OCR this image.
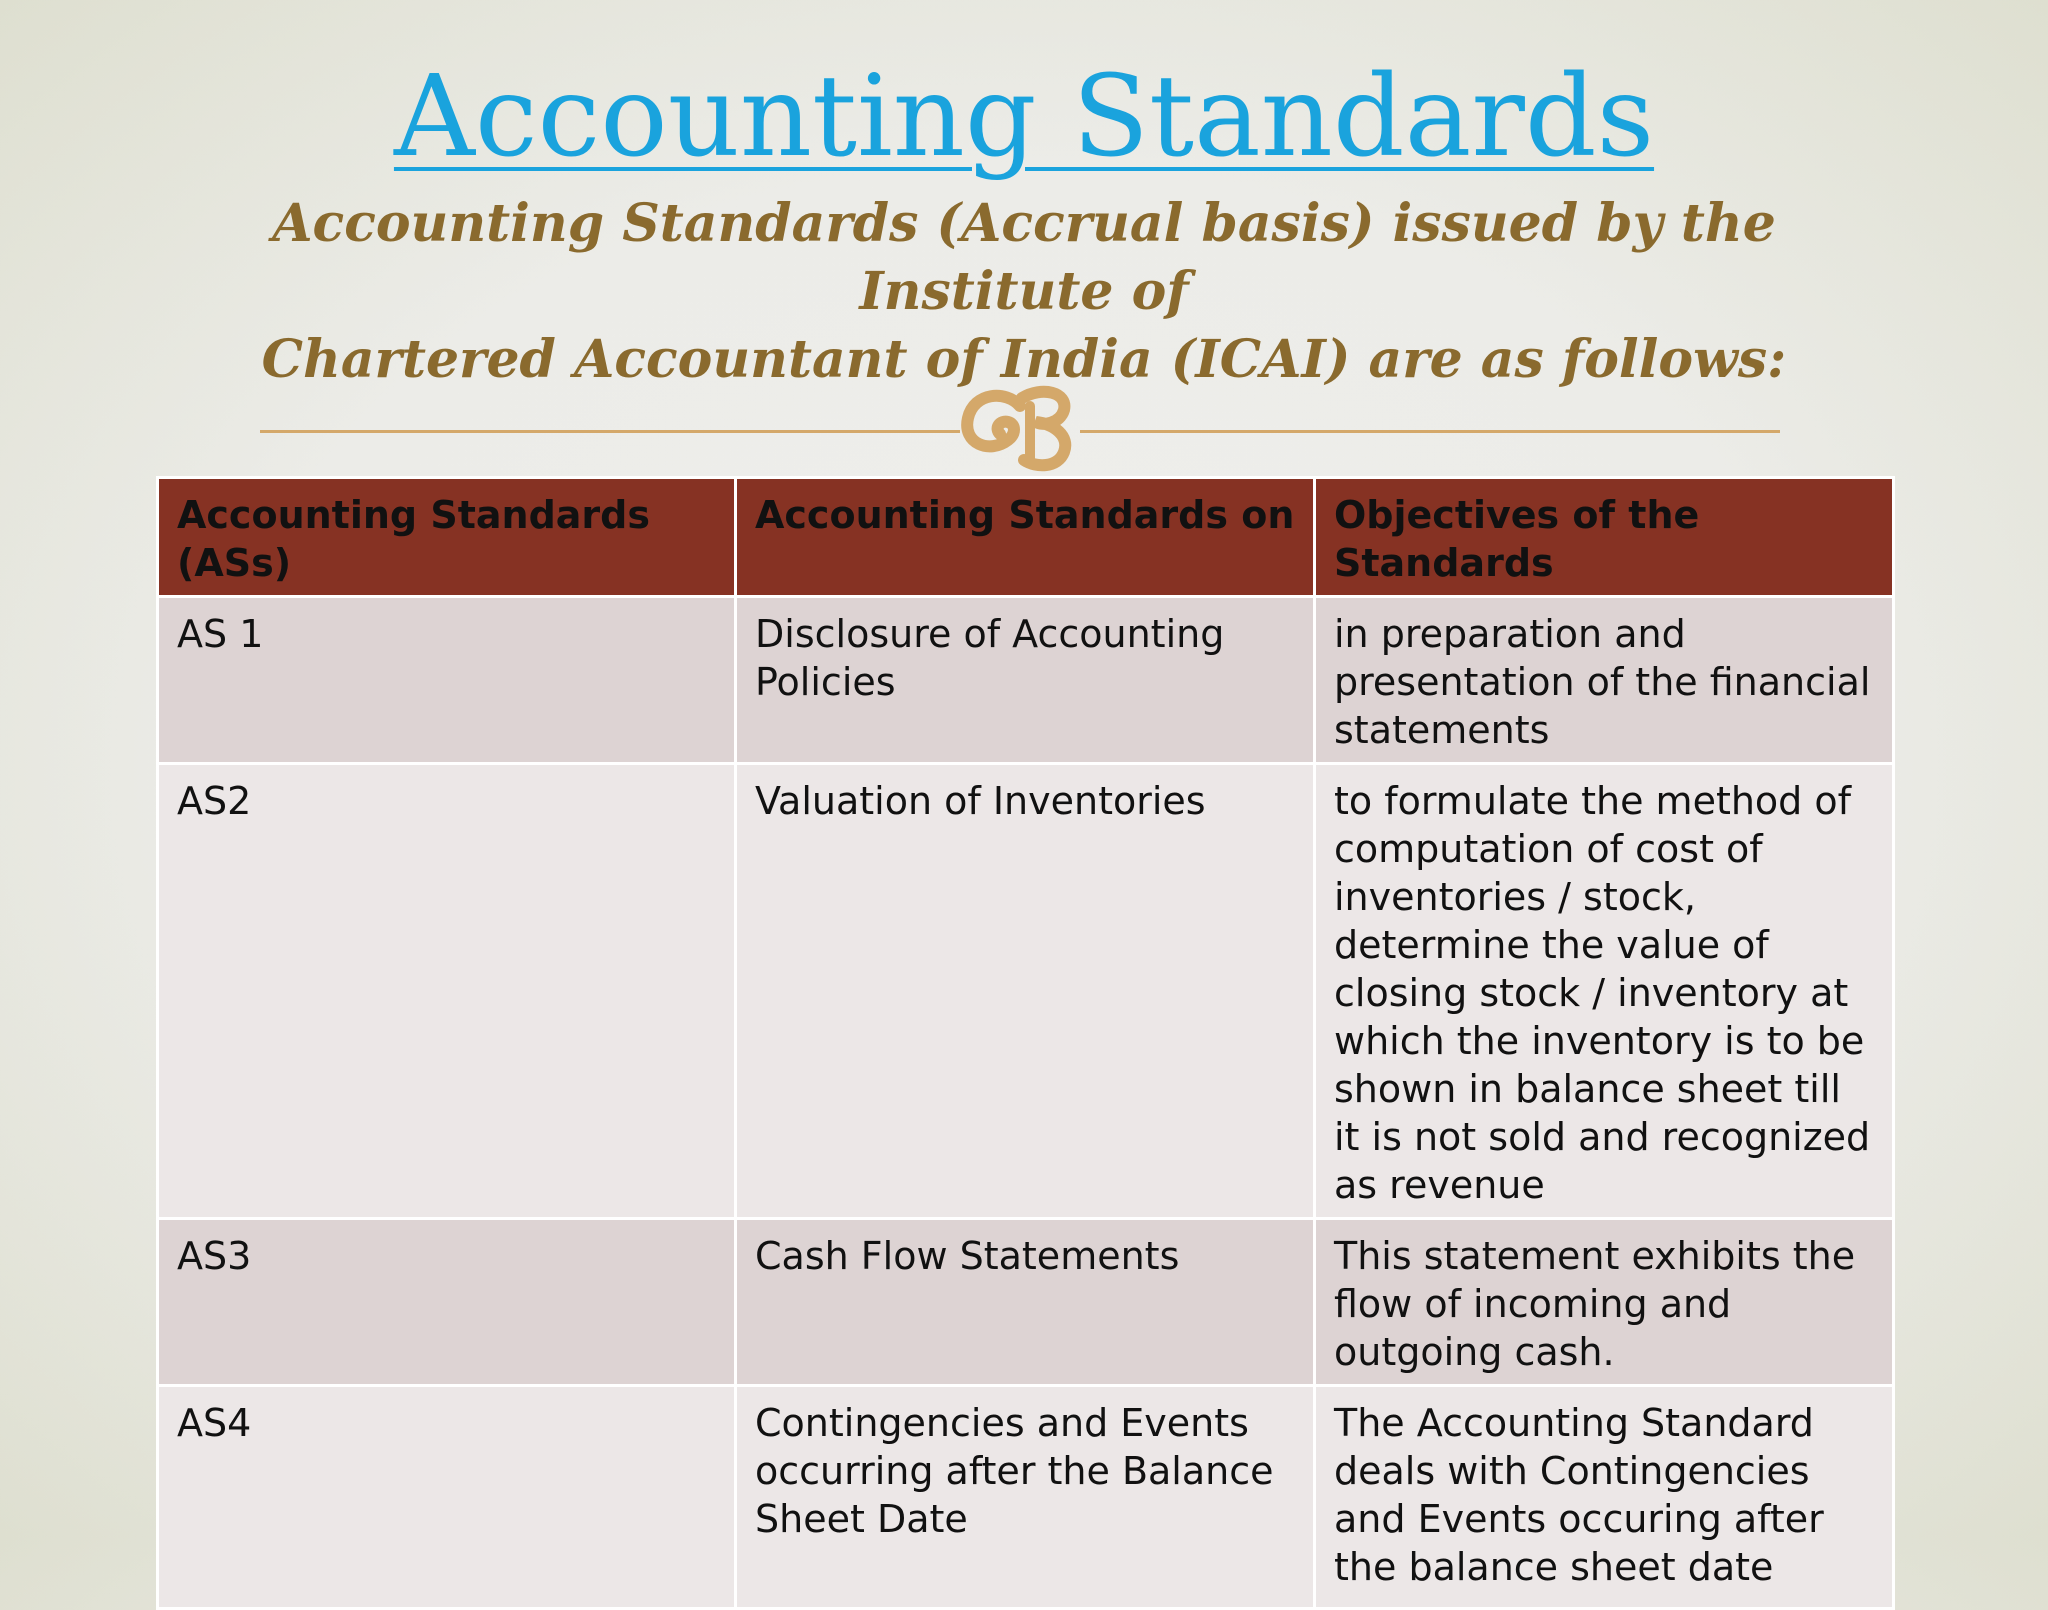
Accounting Standards
Accounting Standards (Accrual basis) issued by the Institute of
Chartered Accountant of India (ICAI) are as follows:
Accounting Standards (ASs)	Accounting Standards on	Objectives of the Standards
AS 1	Disclosure of Accounting Policies	in preparation and presentation of the financial statements
AS2	Valuation of Inventories	to formulate the method of computation of cost of inventories / stock, determine the value of closing stock / inventory at which the inventory is to be shown in balance sheet till it is not sold and recognized as revenue
AS3	Cash Flow Statements	This statement exhibits the flow of incoming and outgoing cash.
AS4	Contingencies and Events occurring after the Balance Sheet Date	The Accounting Standard deals with Contingencies and Events occuring after the balance sheet date
